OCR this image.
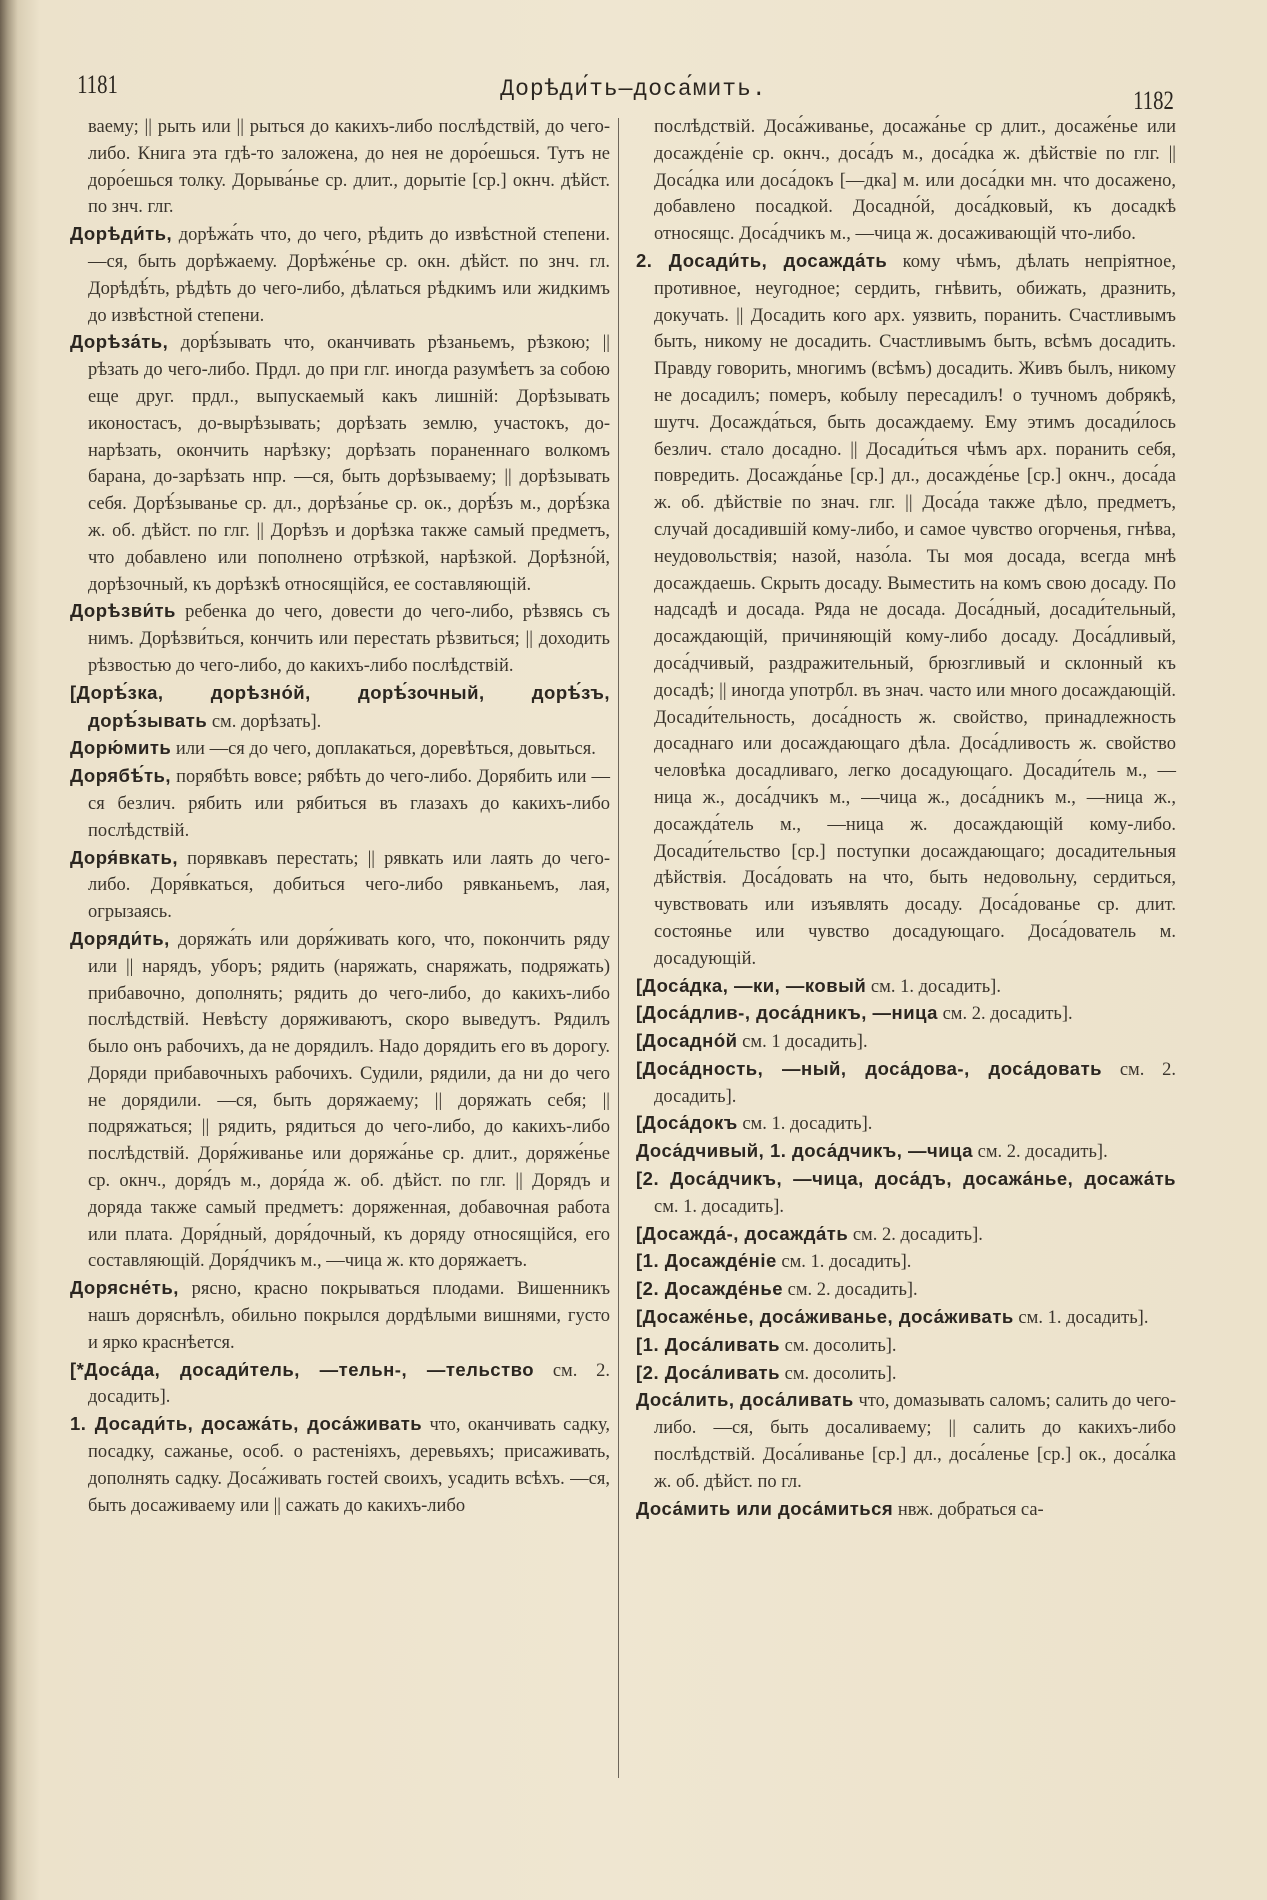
1181	Дорѣди́ть—доса́мить.	1182

ваему; || рыть или || рыться до какихъ-либо послѣдствій, до чего-либо. Книга эта гдѣ-то заложена, до нея не доро́ешься. Тутъ не доро́ешься толку. Дорыва́нье ср. длит., дорытіе [ср.] окнч. дѣйст. по знч. глг.

Дорѣди́ть, дорѣжа́ть что, до чего, рѣдить до извѣстной степени. —ся, быть дорѣжаему. Дорѣже́нье ср. окн. дѣйст. по знч. гл. Дорѣдѣ́ть, рѣдѣть до чего-либо, дѣлаться рѣдкимъ или жидкимъ до извѣстной степени.

Дорѣза́ть, дорѣ́зывать что, оканчивать рѣзаньемъ, рѣзкою; || рѣзать до чего-либо. Прдл. до при глг. иногда разумѣетъ за собою еще друг. прдл., выпускаемый какъ лишній: Дорѣзывать иконостасъ, до-вырѣзывать; дорѣзать землю, участокъ, до-нарѣзать, окончить нарѣзку; дорѣзать пораненнаго волкомъ барана, до-зарѣзать нпр. —ся, быть дорѣзываему; || дорѣзывать себя. Дорѣ́зыванье ср. дл., дорѣза́нье ср. ок., дорѣ́зъ м., дорѣ́зка ж. об. дѣйст. по глг. || Дорѣзъ и дорѣзка также самый предметъ, что добавлено или пополнено отрѣзкой, нарѣзкой. Дорѣзно́й, дорѣзочный, къ дорѣзкѣ относящійся, ее составляющій.

Дорѣзви́ть ребенка до чего, довести до чего-либо, рѣзвясь съ нимъ. Дорѣзви́ться, кончить или перестать рѣзвиться; || доходить рѣзвостью до чего-либо, до какихъ-либо послѣдствій.

[Дорѣ́зка, дорѣзно́й, дорѣ́зочный, дорѣ́зъ, дорѣ́зывать см. дорѣзать].

Дорю́мить или —ся до чего, доплакаться, доревѣться, довыться.

Дорябѣ́ть, порябѣть вовсе; рябѣть до чего-либо. Дорябить или —ся безлич. рябить или рябиться въ глазахъ до какихъ-либо послѣдствій.

Доря́вкать, порявкавъ перестать; || рявкать или лаять до чего-либо. Доря́вкаться, добиться чего-либо рявканьемъ, лая, огрызаясь.

Доряди́ть, доряжа́ть или доря́живать кого, что, покончить ряду или || нарядъ, уборъ; рядить (наряжать, снаряжать, подряжать) прибавочно, дополнять; рядить до чего-либо, до какихъ-либо послѣдствій. Невѣсту доряживаютъ, скоро выведутъ. Рядилъ было онъ рабочихъ, да не дорядилъ. Надо дорядить его въ дорогу. Доряди прибавочныхъ рабочихъ. Судили, рядили, да ни до чего не дорядили. —ся, быть доряжаему; || доряжать себя; || подряжаться; || рядить, рядиться до чего-либо, до какихъ-либо послѣдствій. Доря́живанье или доряжа́нье ср. длит., доряже́нье ср. окнч., доря́дъ м., доря́да ж. об. дѣйст. по глг. || Дорядъ и доряда также самый предметъ: доряженная, добавочная работа или плата. Доря́дный, доря́дочный, къ доряду относящійся, его составляющій. Доря́дчикъ м., —чица ж. кто доряжаетъ.

Дорясне́ть, рясно, красно покрываться плодами. Вишенникъ нашъ доряснѣлъ, обильно покрылся дордѣлыми вишнями, густо и ярко краснѣется.

[*Доса́да, досади́тель, —тельн-, —тельство см. 2. досадить].

1. Досади́ть, досажа́ть, доса́живать что, оканчивать садку, посадку, сажанье, особ. о растеніяхъ, деревьяхъ; присаживать, дополнять садку. Доса́живать гостей своихъ, усадить всѣхъ. —ся, быть досаживаему или || сажать до какихъ-либо

послѣдствій. Доса́живанье, досажа́нье ср длит., досаже́нье или досажде́ніе ср. окнч., доса́дъ м., доса́дка ж. дѣйствіе по глг. || Доса́дка или доса́докъ [—дка] м. или доса́дки мн. что досажено, добавлено посадкой. Досадно́й, доса́дковый, къ досадкѣ относящс. Доса́дчикъ м., —чица ж. досаживающій что-либо.

2. Досади́ть, досажда́ть кому чѣмъ, дѣлать непріятное, противное, неугодное; сердить, гнѣвить, обижать, дразнить, докучать. || Досадить кого арх. уязвить, поранить. Счастливымъ быть, никому не досадить. Счастливымъ быть, всѣмъ досадить. Правду говорить, многимъ (всѣмъ) досадить. Живъ былъ, никому не досадилъ; померъ, кобылу пересадилъ! о тучномъ добрякѣ, шутч. Досажда́ться, быть досаждаему. Ему этимъ досади́лось безлич. стало досадно. || Досади́ться чѣмъ арх. поранить себя, повредить. Досажда́нье [ср.] дл., досажде́нье [ср.] окнч., доса́да ж. об. дѣйствіе по знач. глг. || Доса́да также дѣло, предметъ, случай досадившій кому-либо, и самое чувство огорченья, гнѣва, неудовольствія; назой, назо́ла. Ты моя досада, всегда мнѣ досаждаешь. Скрыть досаду. Выместить на комъ свою досаду. По надсадѣ и досада. Ряда не досада. Доса́дный, досади́тельный, досаждающій, причиняющій кому-либо досаду. Доса́дливый, доса́дчивый, раздражительный, брюзгливый и склонный къ досадѣ; || иногда употрбл. въ знач. часто или много досаждающій. Досади́тельность, доса́дность ж. свойство, принадлежность досаднаго или досаждающаго дѣла. Доса́дливость ж. свойство человѣка досадливаго, легко досадующаго. Досади́тель м., —ница ж., доса́дчикъ м., —чица ж., доса́дникъ м., —ница ж., досажда́тель м., —ница ж. досаждающій кому-либо. Досади́тельство [ср.] поступки досаждающаго; досадительныя дѣйствія. Доса́довать на что, быть недовольну, сердиться, чувствовать или изъявлять досаду. Доса́дованье ср. длит. состоянье или чувство досадующаго. Доса́дователь м. досадующій.

[Доса́дка, —ки, —ковый см. 1. досадить].

[Доса́длив-, доса́дникъ, —ница см. 2. досадить].

[Досадно́й см. 1 досадить].

[Доса́дность, —ный, доса́дова-, доса́довать см. 2. досадить].

[Доса́докъ см. 1. досадить].

Доса́дчивый, 1. доса́дчикъ, —чица см. 2. досадить].

[2. Доса́дчикъ, —чица, доса́дъ, досажа́нье, досажа́ть см. 1. досадить].

[Досажда́-, досажда́ть см. 2. досадить].

[1. Досажде́ніе см. 1. досадить].

[2. Досажде́нье см. 2. досадить].

[Досаже́нье, доса́живанье, доса́живать см. 1. досадить].

[1. Доса́ливать см. досолить].

[2. Доса́ливать см. досолить].

Доса́лить, доса́ливать что, домазывать саломъ; салить до чего-либо. —ся, быть досаливаему; || салить до какихъ-либо послѣдствій. Доса́ливанье [ср.] дл., доса́ленье [ср.] ок., доса́лка ж. об. дѣйст. по гл.

Доса́мить или доса́миться нвж. добраться са-
